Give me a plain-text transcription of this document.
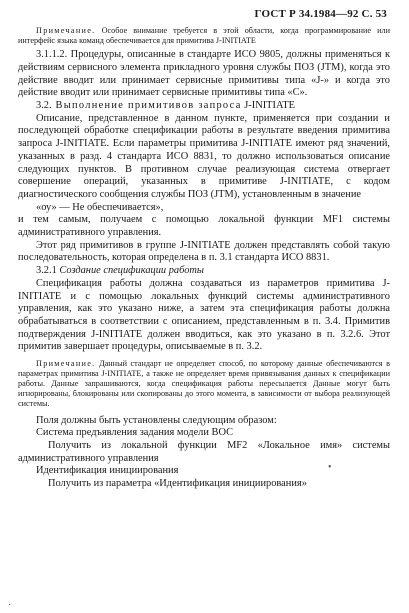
ГОСТ Р 34.1984—92 С. 53

Примечание. Особое внимание требуется в этой области, когда программирование или интерфейс языка команд обеспечивается для примитива J-INITIATE

3.1.1.2. Процедуры, описанные в стандарте ИСО 9805, должны применяться к действиям сервисного элемента прикладного уровня службы ПОЗ (JTM), когда это действие вводит или принимает сервисные примитивы типа «J-» и когда это действие вводит или принимает сервисные примитивы типа «С».

3.2. Выполнение примитивов запроса J-INITIATE

Описание, представленное в данном пункте, применяется при создании и последующей обработке спецификации работы в результате введения примитива запроса J-INITIATE. Если параметры примитива J-INITIATE имеют ряд значений, указанных в разд. 4 стандарта ИСО 8831, то должно использоваться описание следующих пунктов. В противном случае реализующая система отвергает совершение операций, указанных в примитиве J-INITIATE, с кодом диагностического сообщения службы ПОЗ (JTM), установленным в значение

«оу» — Не обеспечивается»,

и тем самым, получаем с помощью локальной функции MF1 системы административного управления.

Этот ряд примитивов в группе J-INITIATE должен представлять собой такую последовательность, которая определена в п. 3.1 стандарта ИСО 8831.

3.2.1 Создание спецификации работы

Спецификация работы должна создаваться из параметров примитива J-INITIATE и с помощью локальных функций системы административного управления, как это указано ниже, а затем эта спецификация работы должна обрабатываться в соответствии с описанием, представленным в п. 3.4. Примитив подтверждения J-INITIATE должен вводиться, как это указано в п. 3.2.6. Этот примитив завершает процедуры, описываемые в п. 3.2.

Примечание. Данный стандарт не определяет способ, по которому данные обеспечиваются в параметрах примитива J-INITIATE, а также не определяет время привязывания данных к спецификации работы. Данные запрашиваются, когда спецификация работы пересылается Данные могут быть игнорированы, блокированы или скопированы до этого момента, в зависимости от выбора реализующей системы.

Поля должны быть установлены следующим образом:

Система предъявления задания модели ВОС

Получить из локальной функции MF2 «Локальное имя» системы административного управления

Идентификация инициирования

Получить из параметра «Идентификация инициирования»

•
·
